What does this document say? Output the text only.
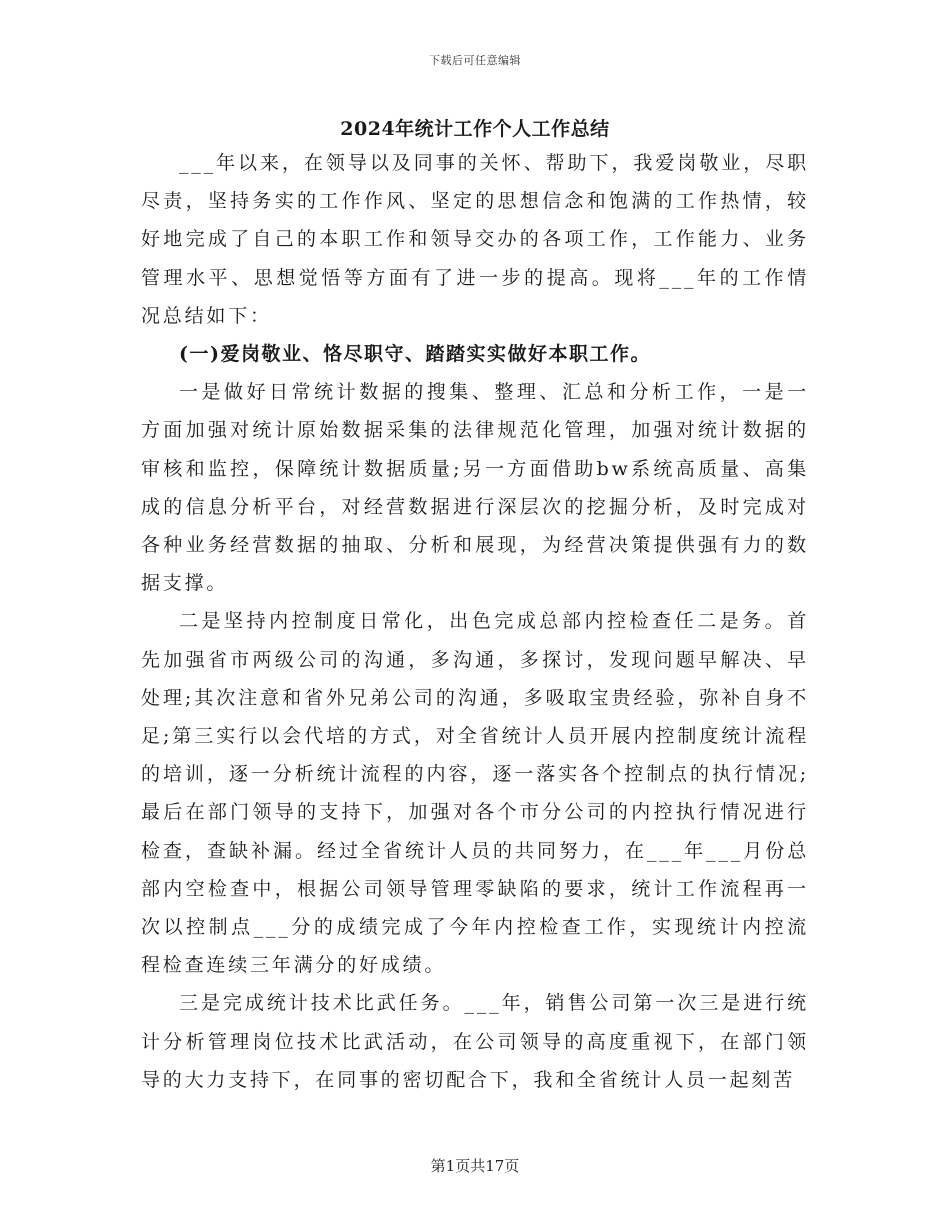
下载后可任意编辑
2024年统计工作个人工作总结

___年以来，在领导以及同事的关怀、帮助下，我爱岗敬业，尽职尽责，坚持务实的工作作风、坚定的思想信念和饱满的工作热情，较好地完成了自己的本职工作和领导交办的各项工作，工作能力、业务管理水平、思想觉悟等方面有了进一步的提高。现将___年的工作情况总结如下：

(一)爱岗敬业、恪尽职守、踏踏实实做好本职工作。

一是做好日常统计数据的搜集、整理、汇总和分析工作，一是一方面加强对统计原始数据采集的法律规范化管理，加强对统计数据的审核和监控，保障统计数据质量;另一方面借助bw系统高质量、高集成的信息分析平台，对经营数据进行深层次的挖掘分析，及时完成对各种业务经营数据的抽取、分析和展现，为经营决策提供强有力的数据支撑。

二是坚持内控制度日常化，出色完成总部内控检查任二是务。首先加强省市两级公司的沟通，多沟通，多探讨，发现问题早解决、早处理;其次注意和省外兄弟公司的沟通，多吸取宝贵经验，弥补自身不足;第三实行以会代培的方式，对全省统计人员开展内控制度统计流程的培训，逐一分析统计流程的内容，逐一落实各个控制点的执行情况;最后在部门领导的支持下，加强对各个市分公司的内控执行情况进行检查，查缺补漏。经过全省统计人员的共同努力，在___年___月份总部内空检查中，根据公司领导管理零缺陷的要求，统计工作流程再一次以控制点___分的成绩完成了今年内控检查工作，实现统计内控流程检查连续三年满分的好成绩。

三是完成统计技术比武任务。___年，销售公司第一次三是进行统计分析管理岗位技术比武活动，在公司领导的高度重视下，在部门领导的大力支持下，在同事的密切配合下，我和全省统计人员一起刻苦

第1页共17页
